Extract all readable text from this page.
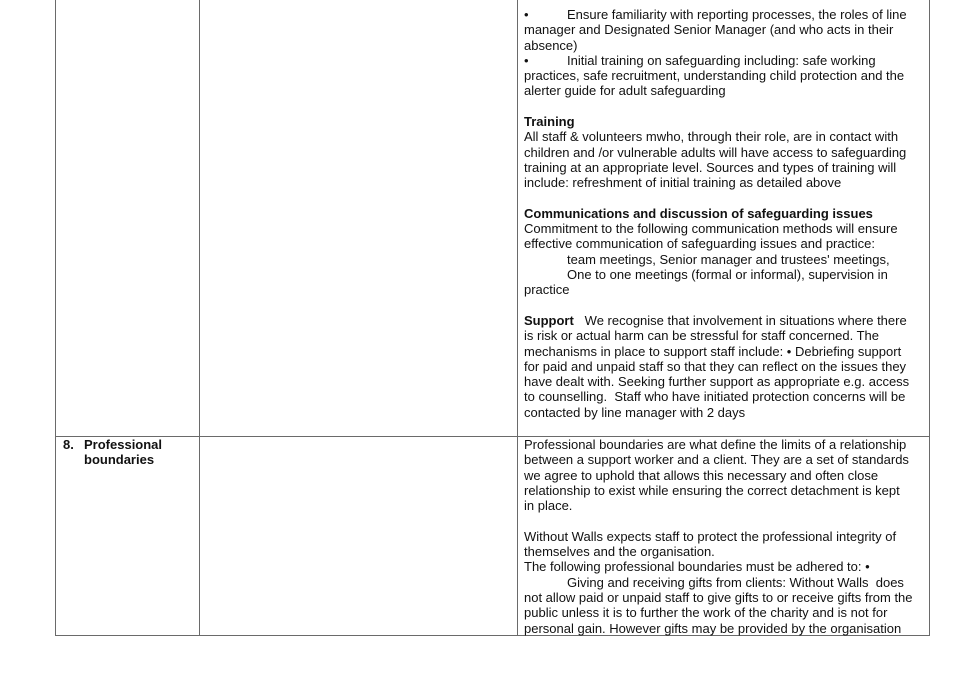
•	Ensure familiarity with reporting processes, the roles of line
manager and Designated Senior Manager (and who acts in their
absence)
•	Initial training on safeguarding including: safe working
practices, safe recruitment, understanding child protection and the
alerter guide for adult safeguarding
Training
All staff & volunteers mwho, through their role, are in contact with
children and /or vulnerable adults will have access to safeguarding
training at an appropriate level. Sources and types of training will
include: refreshment of initial training as detailed above
Communications and discussion of safeguarding issues
Commitment to the following communication methods will ensure
effective communication of safeguarding issues and practice:
team meetings, Senior manager and trustees' meetings,
One to one meetings (formal or informal), supervision in
practice
Support   We recognise that involvement in situations where there
is risk or actual harm can be stressful for staff concerned. The
mechanisms in place to support staff include: • Debriefing support
for paid and unpaid staff so that they can reflect on the issues they
have dealt with. Seeking further support as appropriate e.g. access
to counselling.  Staff who have initiated protection concerns will be
contacted by line manager with 2 days
8. Professional
boundaries
Professional boundaries are what define the limits of a relationship
between a support worker and a client. They are a set of standards
we agree to uphold that allows this necessary and often close
relationship to exist while ensuring the correct detachment is kept
in place.
Without Walls expects staff to protect the professional integrity of
themselves and the organisation.
The following professional boundaries must be adhered to: •
Giving and receiving gifts from clients: Without Walls  does
not allow paid or unpaid staff to give gifts to or receive gifts from the
public unless it is to further the work of the charity and is not for
personal gain. However gifts may be provided by the organisation
